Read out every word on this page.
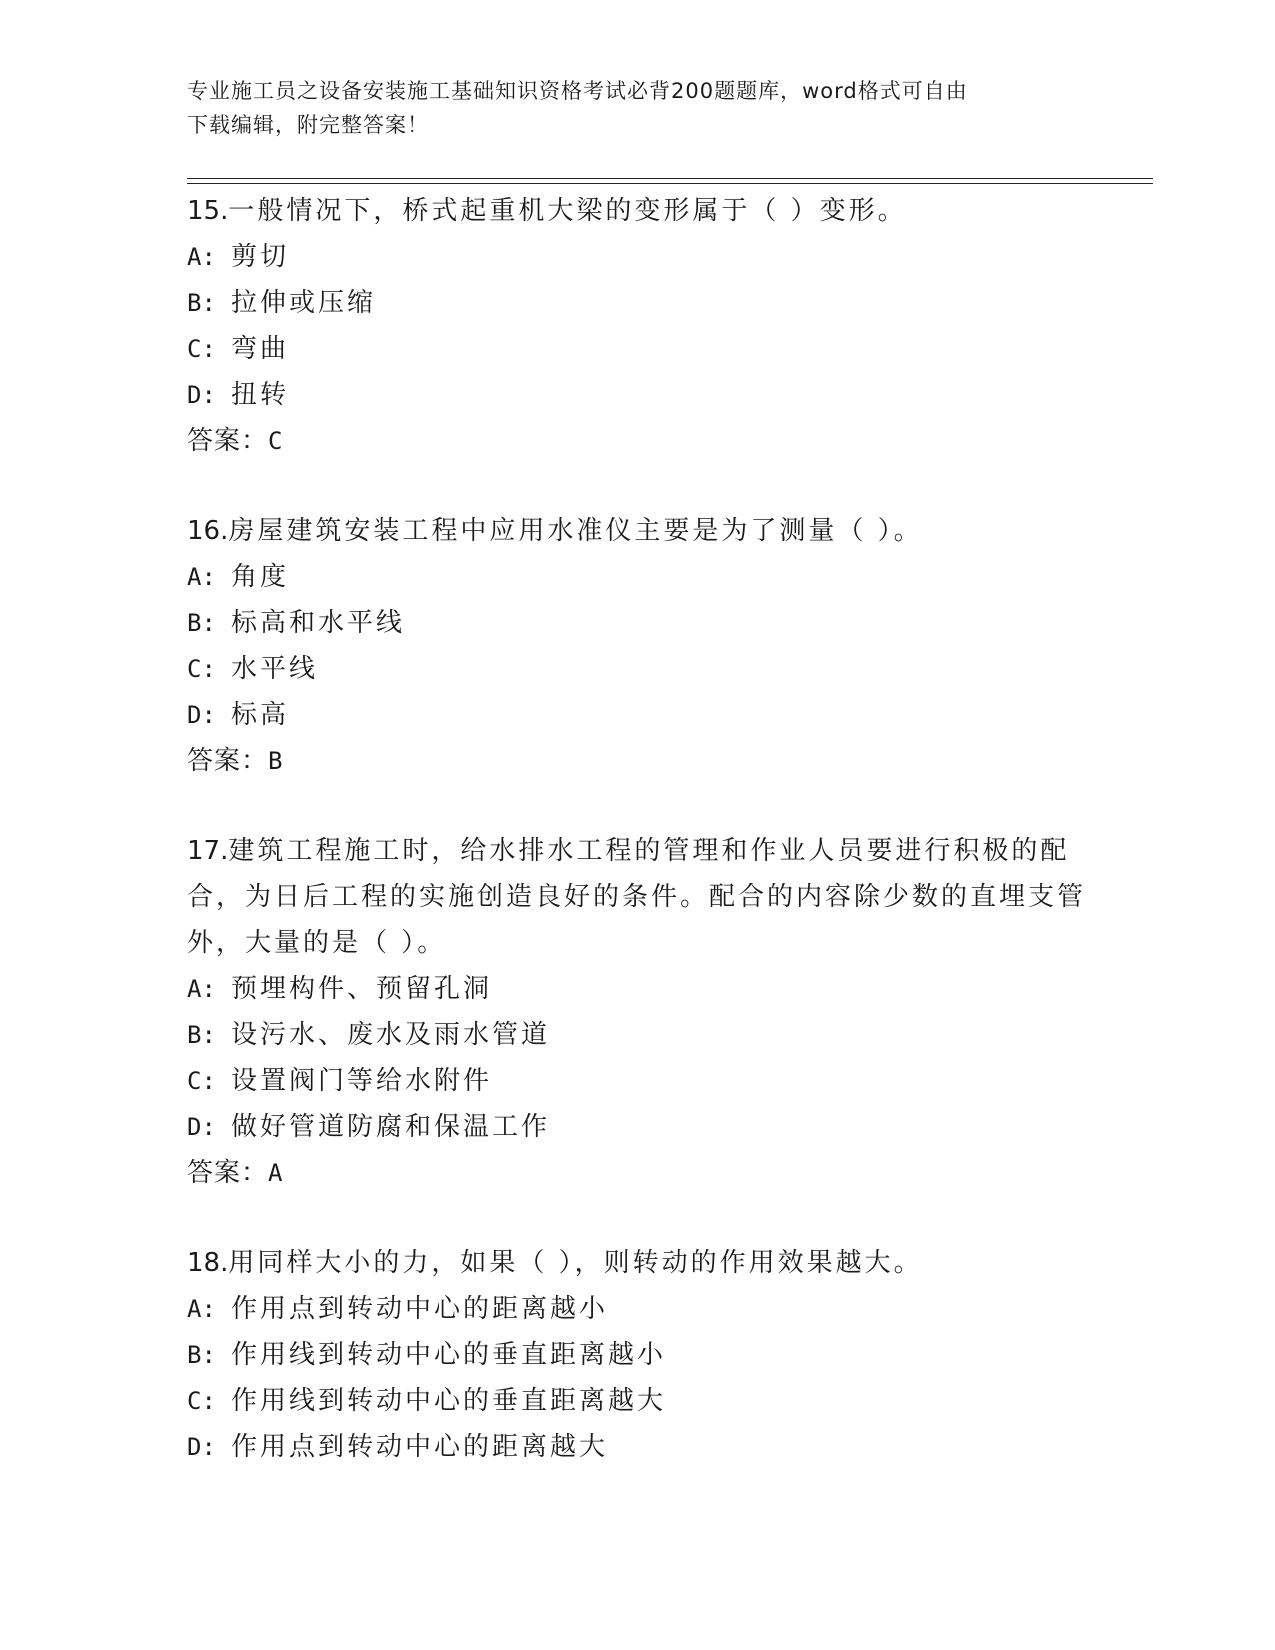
专业施工员之设备安装施工基础知识资格考试必背200题题库，word格式可自由
下载编辑，附完整答案！
15.一般情况下，桥式起重机大梁的变形属于（ ）变形。
A: 剪切
B: 拉伸或压缩
C: 弯曲
D: 扭转
答案：C
16.房屋建筑安装工程中应用水准仪主要是为了测量（ ）。
A: 角度
B: 标高和水平线
C: 水平线
D: 标高
答案：B
17.建筑工程施工时，给水排水工程的管理和作业人员要进行积极的配合，为日后工程的实施创造良好的条件。配合的内容除少数的直埋支管外，大量的是（ ）。
A: 预埋构件、预留孔洞
B: 设污水、废水及雨水管道
C: 设置阀门等给水附件
D: 做好管道防腐和保温工作
答案：A
18.用同样大小的力，如果（ ），则转动的作用效果越大。
A: 作用点到转动中心的距离越小
B: 作用线到转动中心的垂直距离越小
C: 作用线到转动中心的垂直距离越大
D: 作用点到转动中心的距离越大
